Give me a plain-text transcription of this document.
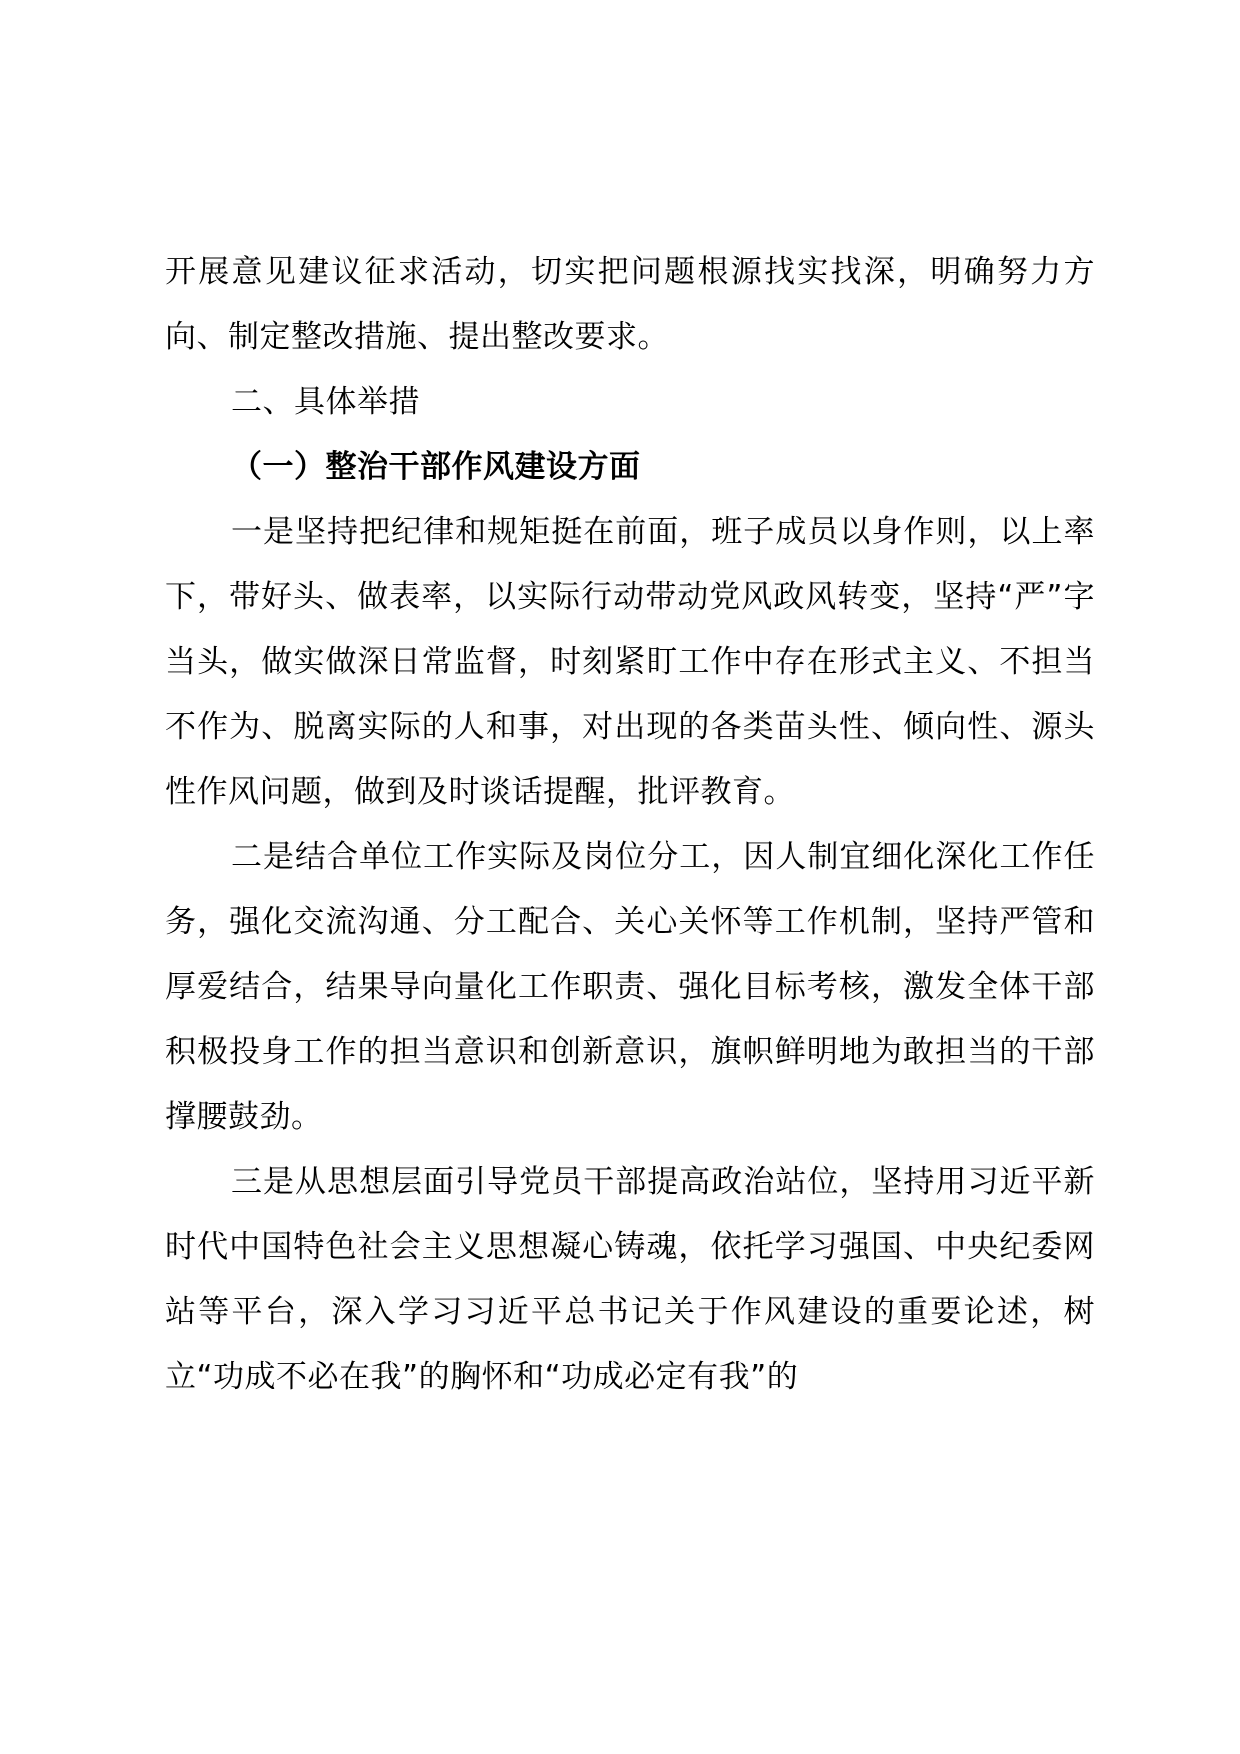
开展意见建议征求活动，切实把问题根源找实找深，明确努力方向、制定整改措施、提出整改要求。

二、具体举措

（一）整治干部作风建设方面

一是坚持把纪律和规矩挺在前面，班子成员以身作则，以上率下，带好头、做表率，以实际行动带动党风政风转变，坚持“严”字当头，做实做深日常监督，时刻紧盯工作中存在形式主义、不担当不作为、脱离实际的人和事，对出现的各类苗头性、倾向性、源头性作风问题，做到及时谈话提醒，批评教育。

二是结合单位工作实际及岗位分工，因人制宜细化深化工作任务，强化交流沟通、分工配合、关心关怀等工作机制，坚持严管和厚爱结合，结果导向量化工作职责、强化目标考核，激发全体干部积极投身工作的担当意识和创新意识，旗帜鲜明地为敢担当的干部撑腰鼓劲。

三是从思想层面引导党员干部提高政治站位，坚持用习近平新时代中国特色社会主义思想凝心铸魂，依托学习强国、中央纪委网站等平台，深入学习习近平总书记关于作风建设的重要论述，树立“功成不必在我”的胸怀和“功成必定有我”的
